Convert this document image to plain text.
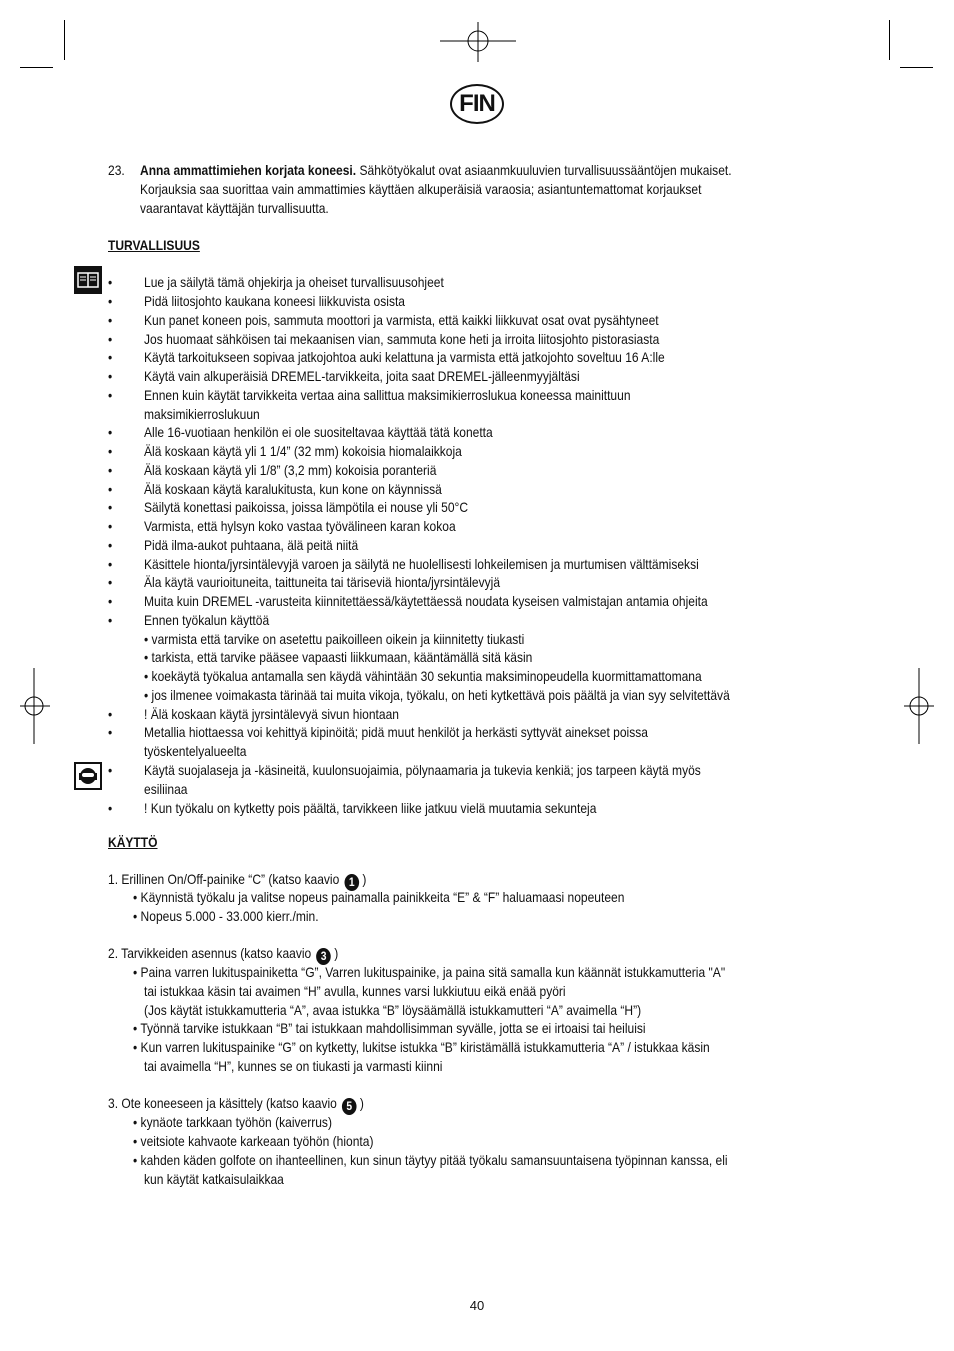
FIN
23. Anna ammattimiehen korjata koneesi. Sähkötyökalut ovat asiaanmkuuluvien turvallisuussääntöjen mukaiset.
Korjauksia saa suorittaa vain ammattimies käyttäen alkuperäisiä varaosia; asiantuntemattomat korjaukset
vaarantavat käyttäjän turvallisuutta.
TURVALLISUUS
• Lue ja säilytä tämä ohjekirja ja oheiset turvallisuusohjeet
• Pidä liitosjohto kaukana koneesi liikkuvista osista
• Kun panet koneen pois, sammuta moottori ja varmista, että kaikki liikkuvat osat ovat pysähtyneet
• Jos huomaat sähköisen tai mekaanisen vian, sammuta kone heti ja irroita liitosjohto pistorasiasta
• Käytä tarkoitukseen sopivaa jatkojohtoa auki kelattuna ja varmista että jatkojohto soveltuu 16 A:lle
• Käytä vain alkuperäisiä DREMEL-tarvikkeita, joita saat DREMEL-jälleenmyyjältäsi
• Ennen kuin käytät tarvikkeita vertaa aina sallittua maksimikierroslukua koneessa mainittuun
maksimikierroslukuun
• Alle 16-vuotiaan henkilön ei ole suositeltavaa käyttää tätä konetta
• Älä koskaan käytä yli 1 1/4” (32 mm) kokoisia hiomalaikkoja
• Älä koskaan käytä yli 1/8” (3,2 mm) kokoisia poranteriä
• Älä koskaan käytä karalukitusta, kun kone on käynnissä
• Säilytä konettasi paikoissa, joissa lämpötila ei nouse yli 50°C
• Varmista, että hylsyn koko vastaa työvälineen karan kokoa
• Pidä ilma-aukot puhtaana, älä peitä niitä
• Käsittele hionta/jyrsintälevyjä varoen ja säilytä ne huolellisesti lohkeilemisen ja murtumisen välttämiseksi
• Äla käytä vaurioituneita, taittuneita tai täriseviä hionta/jyrsintälevyjä
• Muita kuin DREMEL -varusteita kiinnitettäessä/käytettäessä noudata kyseisen valmistajan antamia ohjeita
• Ennen työkalun käyttöä
• varmista että tarvike on asetettu paikoilleen oikein ja kiinnitetty tiukasti
• tarkista, että tarvike pääsee vapaasti liikkumaan, kääntämällä sitä käsin
• koekäytä työkalua antamalla sen käydä vähintään 30 sekuntia maksiminopeudella kuormittamattomana
• jos ilmenee voimakasta tärinää tai muita vikoja, työkalu, on heti kytkettävä pois päältä ja vian syy selvitettävä
• ! Älä koskaan käytä jyrsintälevyä sivun hiontaan
• Metallia hiottaessa voi kehittyä kipinöitä; pidä muut henkilöt ja herkästi syttyvät ainekset poissa
työskentelyalueelta
• Käytä suojalaseja ja -käsineitä, kuulonsuojaimia, pölynaamaria ja tukevia kenkiä; jos tarpeen käytä myös
esiliinaa
• ! Kun työkalu on kytketty pois päältä, tarvikkeen liike jatkuu vielä muutamia sekunteja
KÄYTTÖ
1. Erillinen On/Off-painike “C” (katso kaavio 1 )
• Käynnistä työkalu ja valitse nopeus painamalla painikkeita “E” & “F” haluamaasi nopeuteen
• Nopeus 5.000 - 33.000 kierr./min.
2. Tarvikkeiden asennus (katso kaavio 3 )
• Paina varren lukituspainiketta “G”, Varren lukituspainike, ja paina sitä samalla kun käännät istukkamutteria "A"
tai istukkaa käsin tai avaimen “H” avulla, kunnes varsi lukkiutuu eikä enää pyöri
(Jos käytät istukkamutteria “A”, avaa istukka “B” löysäämällä istukkamutteri “A” avaimella “H”)
• Työnnä tarvike istukkaan “B” tai istukkaan mahdollisimman syvälle, jotta se ei irtoaisi tai heiluisi
• Kun varren lukituspainike “G” on kytketty, lukitse istukka “B” kiristämällä istukkamutteria “A” / istukkaa käsin
tai avaimella “H”, kunnes se on tiukasti ja varmasti kiinni
3. Ote koneeseen ja käsittely (katso kaavio 5 )
• kynäote tarkkaan työhön (kaiverrus)
• veitsiote kahvaote karkeaan työhön (hionta)
• kahden käden golfote on ihanteellinen, kun sinun täytyy pitää työkalu samansuuntaisena työpinnan kanssa, eli
kun käytät katkaisulaikkaa
40
